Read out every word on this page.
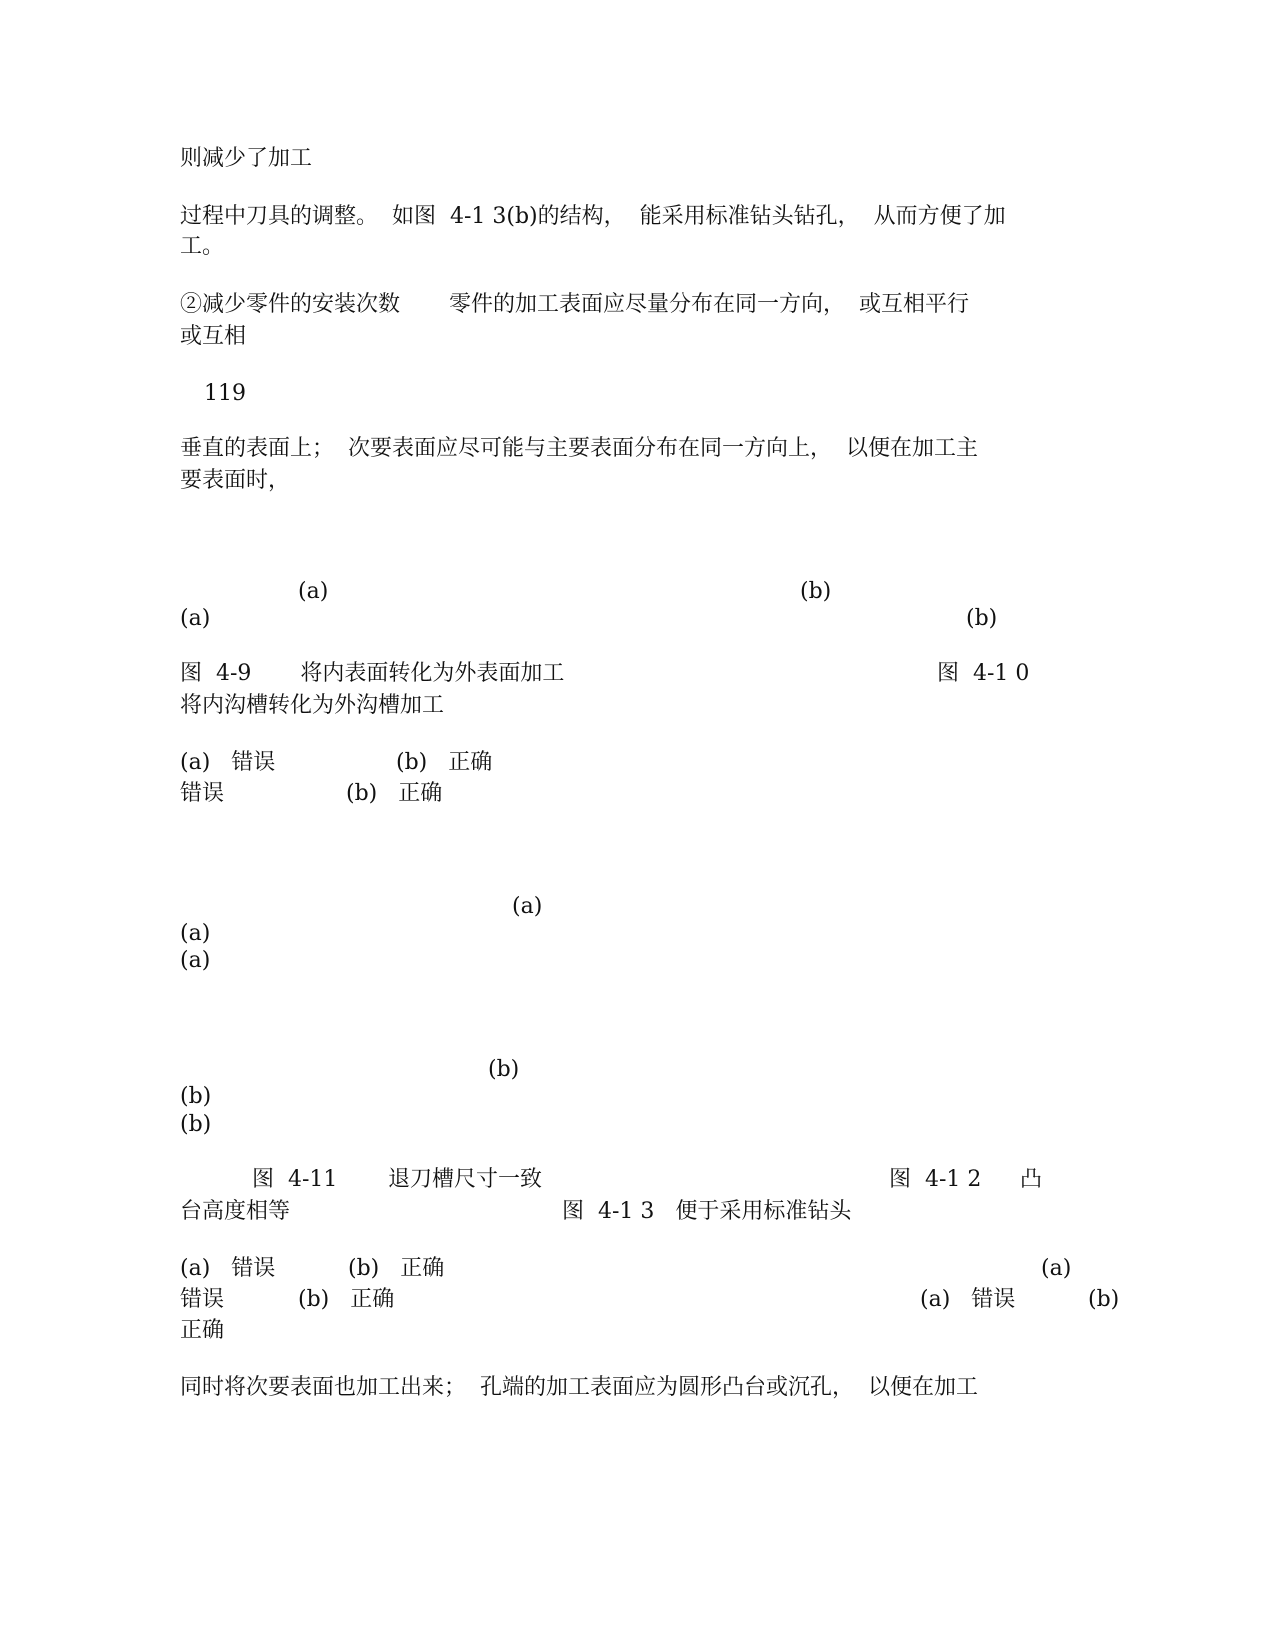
则减少了加工
过程中刀具的调整。  如图  4-1 3(b)的结构，  能采用标准钻头钻孔，  从而方便了加
工。
②减少零件的安装次数       零件的加工表面应尽量分布在同一方向，  或互相平行
或互相
119
垂直的表面上；  次要表面应尽可能与主要表面分布在同一方向上，  以便在加工主
要表面时，
(a)	(b)
(a)	(b)
图  4-9       将内表面转化为外表面加工	图  4-1 0
将内沟槽转化为外沟槽加工
(a)   错误	(b)   正确
错误	(b)   正确
(a)
(a)
(a)
(b)
(b)
(b)
图  4-11 退刀槽尺寸一致	图  4-1 2 凸
台高度相等	图  4-1 3   便于采用标准钻头
(a)   错误	(b)   正确	(a)
错误	(b)   正确	(a)   错误	(b)
正确
同时将次要表面也加工出来；  孔端的加工表面应为圆形凸台或沉孔，  以便在加工
